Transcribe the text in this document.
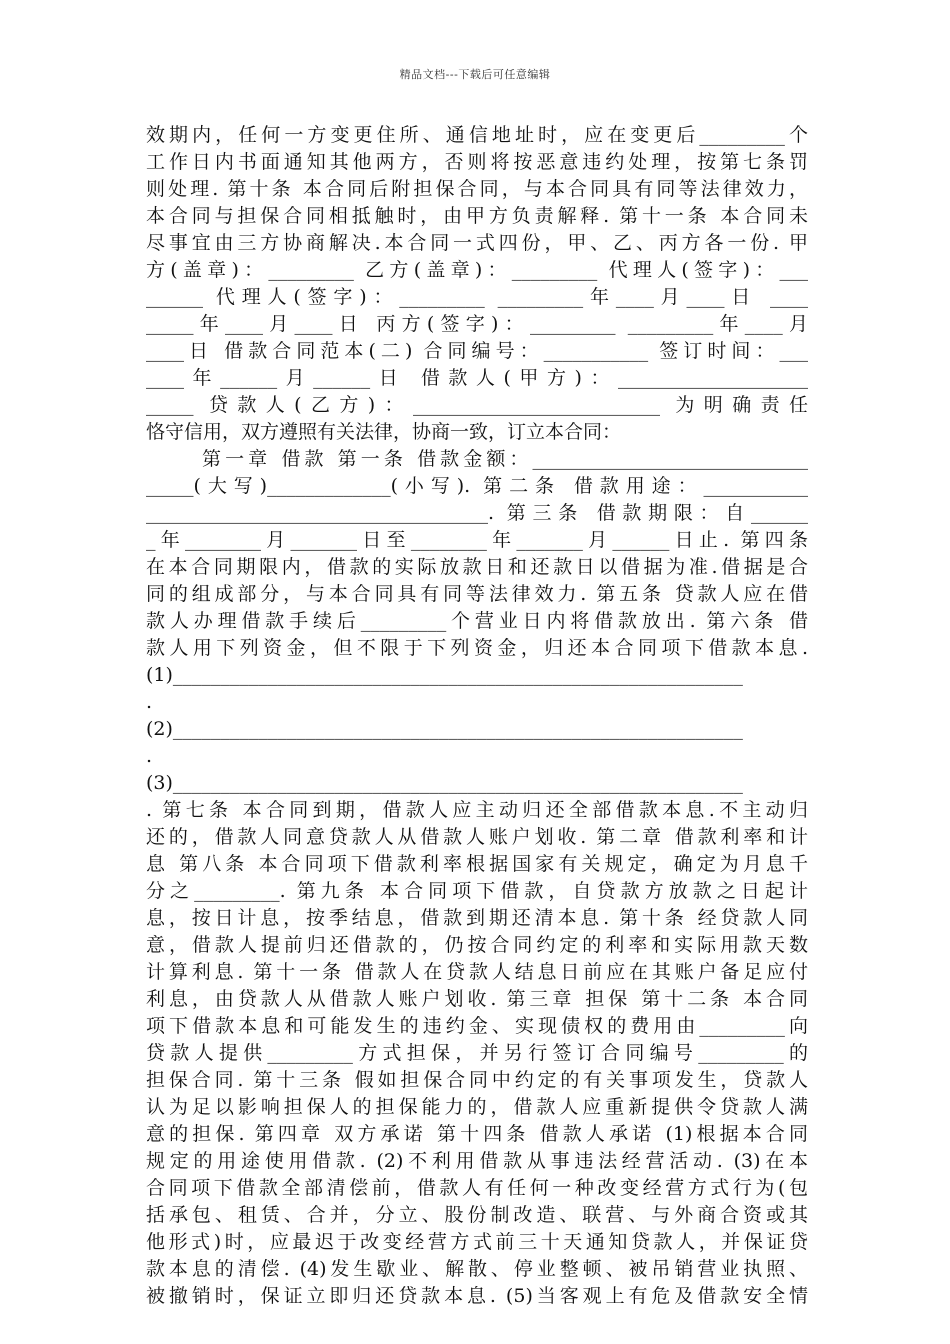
精品文档---下载后可任意编辑
效期内，任何一方变更住所、通信地址时，应在变更后_________个
工作日内书面通知其他两方，否则将按恶意违约处理，按第七条罚
则处理. 第十条 本合同后附担保合同，与本合同具有同等法律效力，
本合同与担保合同相抵触时，由甲方负责解释. 第十一条 本合同未
尽事宜由三方协商解决.本合同一式四份，甲、乙、丙方各一份. 甲
方(盖章)：_________ 乙方(盖章)：_________ 代理人(签字)：___
______ 代理人(签字)：_________ _________年____月____日 ____
_____年____月____日 丙方(签字)：_________ _________年____月
____日 借款合同范本(二) 合同编号：___________ 签订时间：___
____年______月______日 借款人(甲方)：____________________
_____ 贷款人(乙方)：__________________________ 为明确责任
恪守信用，双方遵照有关法律，协商一致，订立本合同：
第一章 借款 第一条 借款金额：_____________________________
_____(大写)_____________(小写). 第二条 借款用途：___________
____________________________________. 第三条 借款期限：自______
_年________月_______日至________年_______月______日止. 第四条
在本合同期限内，借款的实际放款日和还款日以借据为准.借据是合
同的组成部分，与本合同具有同等法律效力. 第五条 贷款人应在借
款人办理借款手续后_________个营业日内将借款放出. 第六条 借
款人用下列资金，但不限于下列资金，归还本合同项下借款本息.
(1)____________________________________________________________
.
(2)____________________________________________________________
.
(3)____________________________________________________________
. 第七条 本合同到期，借款人应主动归还全部借款本息.不主动归
还的，借款人同意贷款人从借款人账户划收. 第二章 借款利率和计
息 第八条 本合同项下借款利率根据国家有关规定，确定为月息千
分之_________. 第九条 本合同项下借款，自贷款方放款之日起计
息，按日计息，按季结息，借款到期还清本息. 第十条 经贷款人同
意，借款人提前归还借款的，仍按合同约定的利率和实际用款天数
计算利息. 第十一条 借款人在贷款人结息日前应在其账户备足应付
利息，由贷款人从借款人账户划收. 第三章 担保 第十二条 本合同
项下借款本息和可能发生的违约金、实现债权的费用由_________向
贷款人提供_________方式担保，并另行签订合同编号_________的
担保合同. 第十三条 假如担保合同中约定的有关事项发生，贷款人
认为足以影响担保人的担保能力的，借款人应重新提供令贷款人满
意的担保. 第四章 双方承诺 第十四条 借款人承诺 (1)根据本合同
规定的用途使用借款. (2)不利用借款从事违法经营活动. (3)在本
合同项下借款全部清偿前，借款人有任何一种改变经营方式行为(包
括承包、租赁、合并，分立、股份制改造、联营、与外商合资或其
他形式)时，应最迟于改变经营方式前三十天通知贷款人，并保证贷
款本息的清偿. (4)发生歇业、解散、停业整顿、被吊销营业执照、
被撤销时，保证立即归还贷款本息. (5)当客观上有危及借款安全情
